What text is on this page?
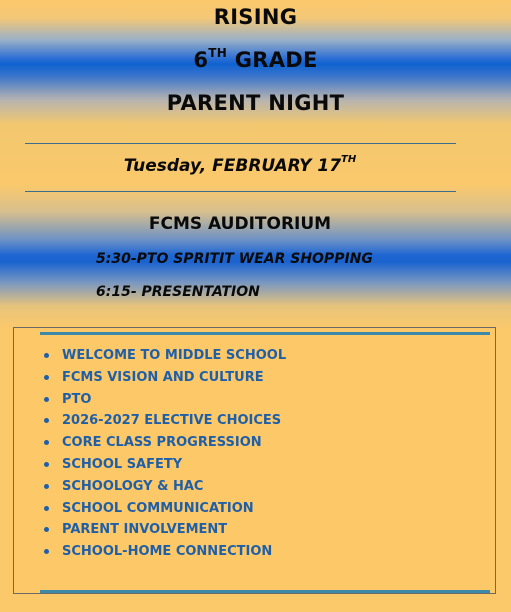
RISING
6TH GRADE
PARENT NIGHT
Tuesday, FEBRUARY 17TH
FCMS AUDITORIUM
5:30-PTO SPRITIT WEAR SHOPPING
6:15- PRESENTATION
WELCOME TO MIDDLE SCHOOL
FCMS VISION AND CULTURE
PTO
2026-2027 ELECTIVE CHOICES
CORE CLASS PROGRESSION
SCHOOL SAFETY
SCHOOLOGY & HAC
SCHOOL COMMUNICATION
PARENT INVOLVEMENT
SCHOOL-HOME CONNECTION
